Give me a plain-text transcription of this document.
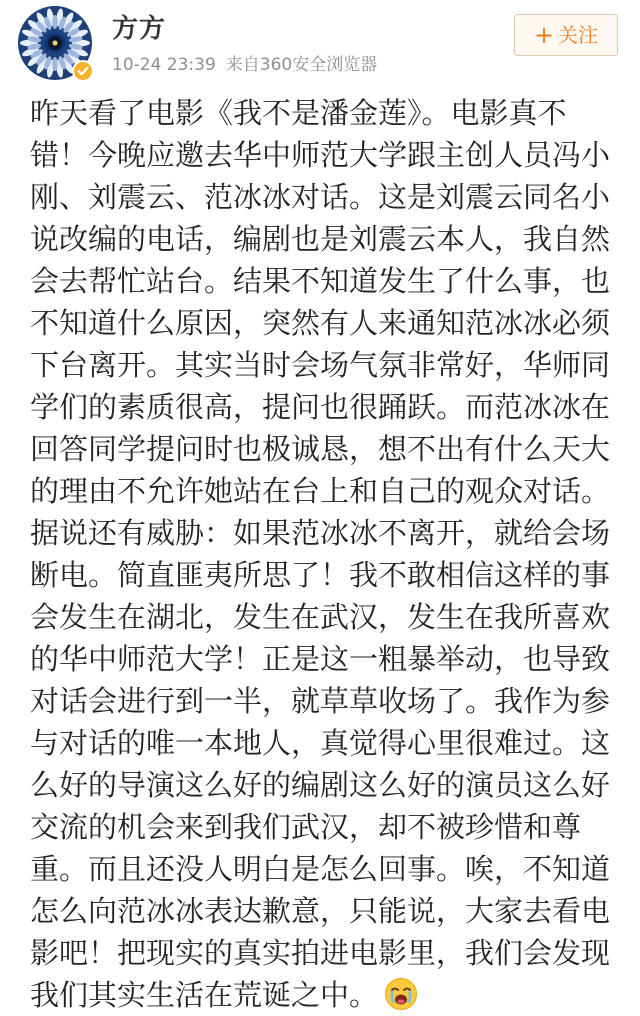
方方
10-24 23:39 来自360安全浏览器
+ 关注
昨天看了电影《我不是潘金莲》。电影真不
错！今晚应邀去华中师范大学跟主创人员冯小
刚、刘震云、范冰冰对话。这是刘震云同名小
说改编的电话，编剧也是刘震云本人，我自然
会去帮忙站台。结果不知道发生了什么事，也
不知道什么原因，突然有人来通知范冰冰必须
下台离开。其实当时会场气氛非常好，华师同
学们的素质很高，提问也很踊跃。而范冰冰在
回答同学提问时也极诚恳，想不出有什么天大
的理由不允许她站在台上和自己的观众对话。
据说还有威胁：如果范冰冰不离开，就给会场
断电。简直匪夷所思了！我不敢相信这样的事
会发生在湖北，发生在武汉，发生在我所喜欢
的华中师范大学！正是这一粗暴举动，也导致
对话会进行到一半，就草草收场了。我作为参
与对话的唯一本地人，真觉得心里很难过。这
么好的导演这么好的编剧这么好的演员这么好
交流的机会来到我们武汉，却不被珍惜和尊
重。而且还没人明白是怎么回事。唉，不知道
怎么向范冰冰表达歉意，只能说，大家去看电
影吧！把现实的真实拍进电影里，我们会发现
我们其实生活在荒诞之中。
